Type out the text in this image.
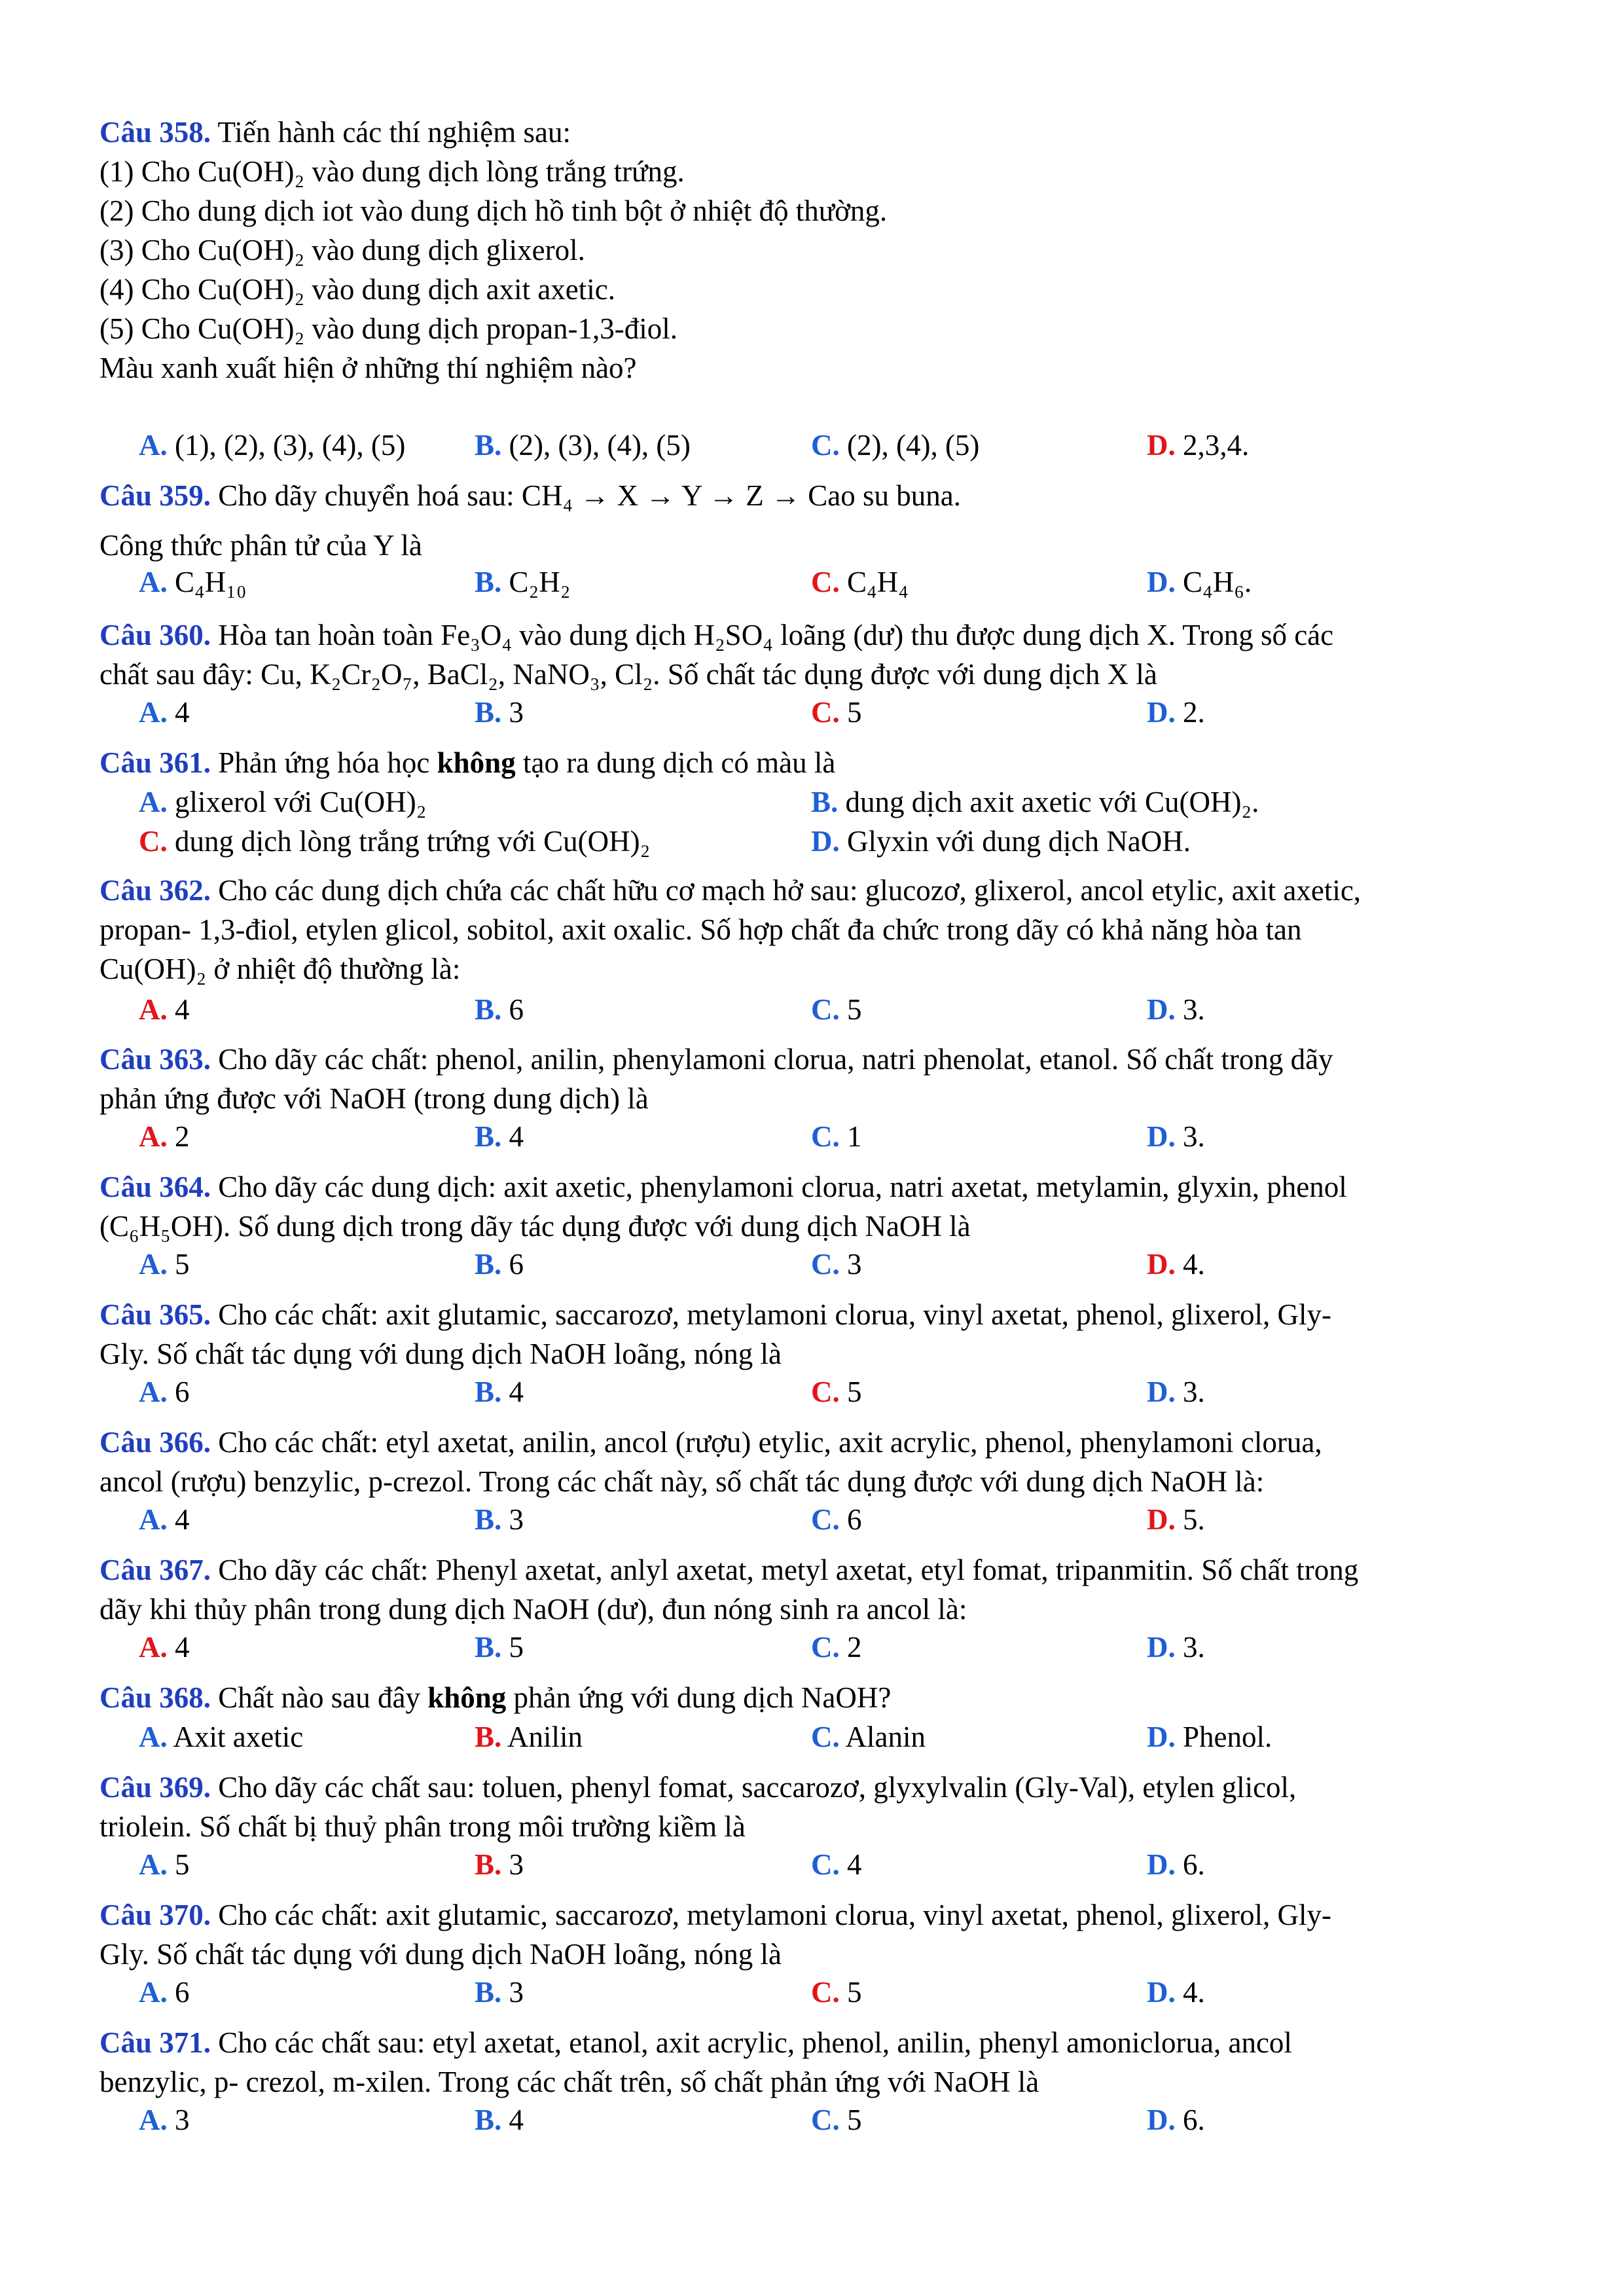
Câu 358. Tiến hành các thí nghiệm sau:
(1) Cho Cu(OH)₂ vào dung dịch lòng trắng trứng.
(2) Cho dung dịch iot vào dung dịch hồ tinh bột ở nhiệt độ thường.
(3) Cho Cu(OH)₂ vào dung dịch glixerol.
(4) Cho Cu(OH)₂ vào dung dịch axit axetic.
(5) Cho Cu(OH)₂ vào dung dịch propan-1,3-điol.
Màu xanh xuất hiện ở những thí nghiệm nào?
A. (1), (2), (3), (4), (5) B. (2), (3), (4), (5)	C. (2), (4), (5)	D. 2,3,4.
Câu 359. Cho dãy chuyển hoá sau: CH₄ → X → Y → Z → Cao su buna.
Công thức phân tử của Y là
A. C₄H₁₀	B. C₂H₂	C. C₄H₄	D. C₄H₆.
Câu 360. Hòa tan hoàn toàn Fe₃O₄ vào dung dịch H₂SO₄ loãng (dư) thu được dung dịch X. Trong số các
chất sau đây: Cu, K₂Cr₂O₇, BaCl₂, NaNO₃, Cl₂. Số chất tác dụng được với dung dịch X là
A. 4	B. 3	C. 5	D. 2.
Câu 361. Phản ứng hóa học không tạo ra dung dịch có màu là
A. glixerol với Cu(OH)₂	B. dung dịch axit axetic với Cu(OH)₂.
C. dung dịch lòng trắng trứng với Cu(OH)₂	D. Glyxin với dung dịch NaOH.
Câu 362. Cho các dung dịch chứa các chất hữu cơ mạch hở sau: glucozơ, glixerol, ancol etylic, axit axetic,
propan- 1,3-điol, etylen glicol, sobitol, axit oxalic. Số hợp chất đa chức trong dãy có khả năng hòa tan
Cu(OH)₂ ở nhiệt độ thường là:
A. 4	B. 6	C. 5	D. 3.
Câu 363. Cho dãy các chất: phenol, anilin, phenylamoni clorua, natri phenolat, etanol. Số chất trong dãy
phản ứng được với NaOH (trong dung dịch) là
A. 2	B. 4	C. 1	D. 3.
Câu 364. Cho dãy các dung dịch: axit axetic, phenylamoni clorua, natri axetat, metylamin, glyxin, phenol
(C₆H₅OH). Số dung dịch trong dãy tác dụng được với dung dịch NaOH là
A. 5	B. 6	C. 3	D. 4.
Câu 365. Cho các chất: axit glutamic, saccarozơ, metylamoni clorua, vinyl axetat, phenol, glixerol, Gly-
Gly. Số chất tác dụng với dung dịch NaOH loãng, nóng là
A. 6	B. 4	C. 5	D. 3.
Câu 366. Cho các chất: etyl axetat, anilin, ancol (rượu) etylic, axit acrylic, phenol, phenylamoni clorua,
ancol (rượu) benzylic, p-crezol. Trong các chất này, số chất tác dụng được với dung dịch NaOH là:
A. 4	B. 3	C. 6	D. 5.
Câu 367. Cho dãy các chất: Phenyl axetat, anlyl axetat, metyl axetat, etyl fomat, tripanmitin. Số chất trong
dãy khi thủy phân trong dung dịch NaOH (dư), đun nóng sinh ra ancol là:
A. 4	B. 5	C. 2	D. 3.
Câu 368. Chất nào sau đây không phản ứng với dung dịch NaOH?
A. Axit axetic	B. Anilin	C. Alanin	D. Phenol.
Câu 369. Cho dãy các chất sau: toluen, phenyl fomat, saccarozơ, glyxylvalin (Gly-Val), etylen glicol,
triolein. Số chất bị thuỷ phân trong môi trường kiềm là
A. 5	B. 3	C. 4	D. 6.
Câu 370. Cho các chất: axit glutamic, saccarozơ, metylamoni clorua, vinyl axetat, phenol, glixerol, Gly-
Gly. Số chất tác dụng với dung dịch NaOH loãng, nóng là
A. 6	B. 3	C. 5	D. 4.
Câu 371. Cho các chất sau: etyl axetat, etanol, axit acrylic, phenol, anilin, phenyl amoniclorua, ancol
benzylic, p- crezol, m-xilen. Trong các chất trên, số chất phản ứng với NaOH là
A. 3	B. 4	C. 5	D. 6.
